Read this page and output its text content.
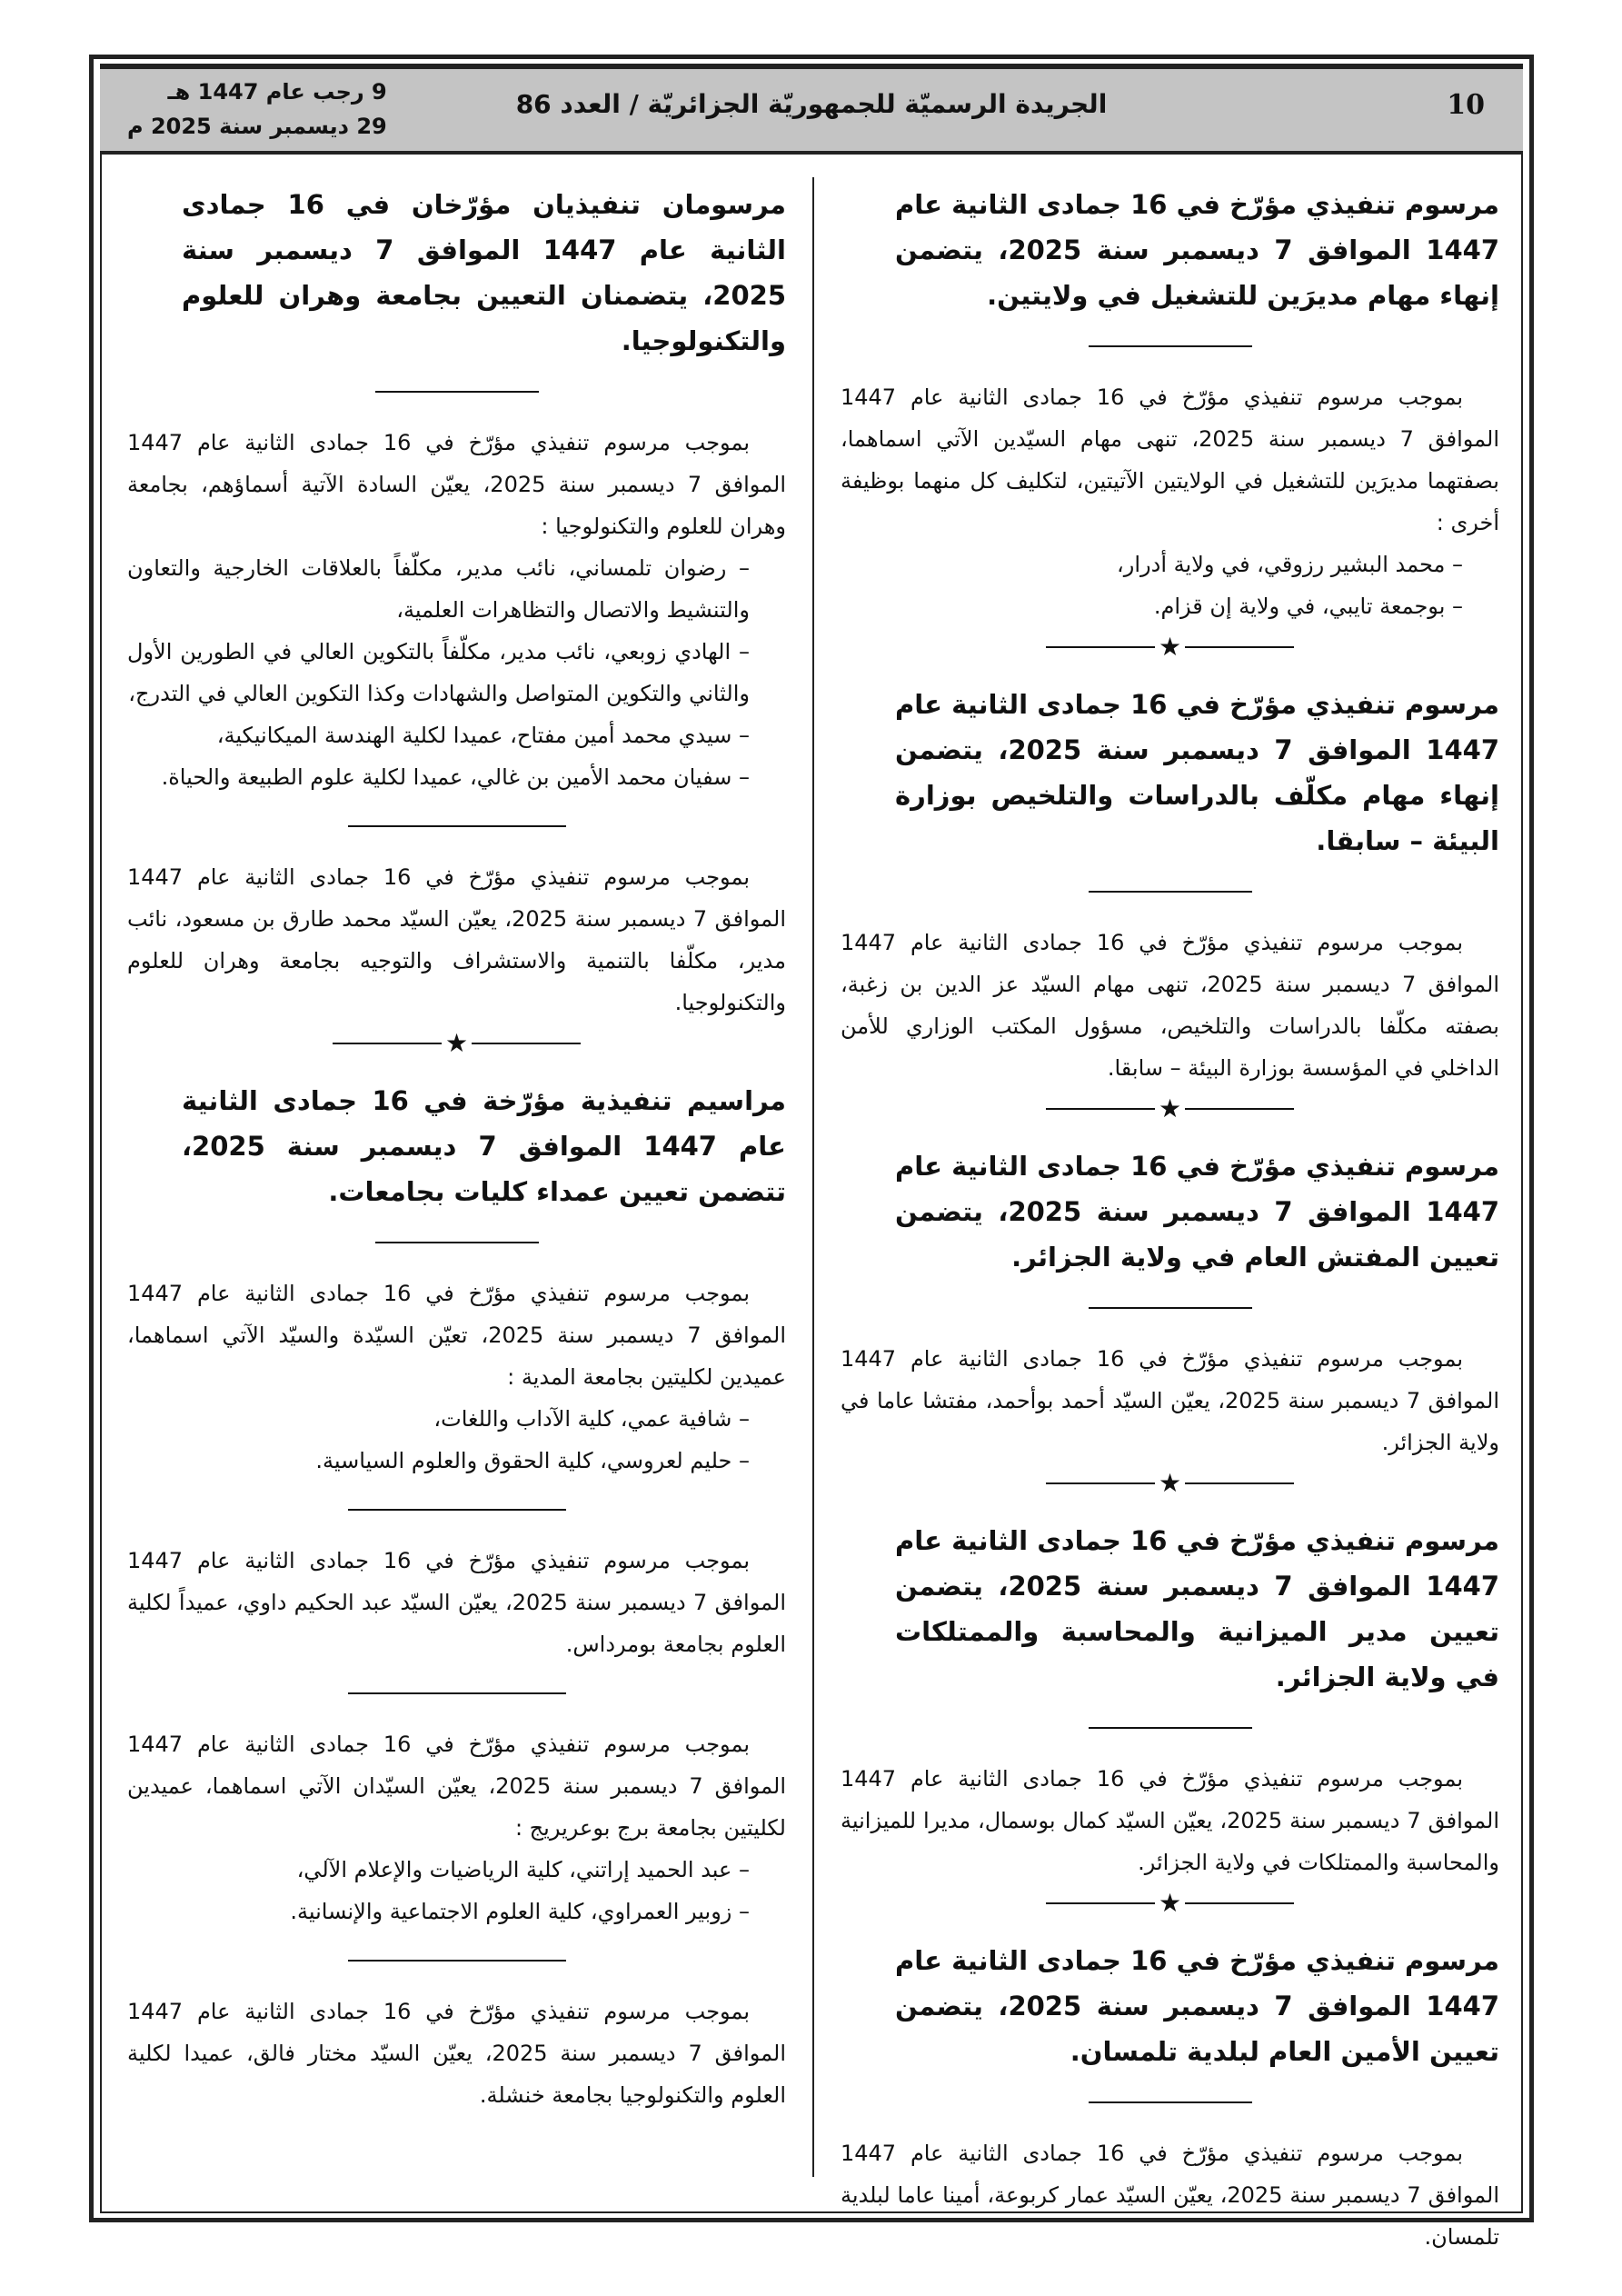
10
الجريدة الرسميّة للجمهوريّة الجزائريّة / العدد 86
9 رجب عام 1447 هـ
29 ديسمبر سنة 2025 م
مرسوم تنفيذي مؤرّخ في 16 جمادى الثانية عام 1447 الموافق 7 ديسمبر سنة 2025، يتضمن إنهاء مهام مديرَين للتشغيل في ولايتين.

بموجب مرسوم تنفيذي مؤرّخ في 16 جمادى الثانية عام 1447 الموافق 7 ديسمبر سنة 2025، تنهى مهام السيّدين الآتي اسماهما، بصفتهما مديرَين للتشغيل في الولايتين الآتيتين، لتكليف كل منهما بوظيفة أخرى :

– محمد البشير رزوقي، في ولاية أدرار،

– بوجمعة تايبي، في ولاية إن قزام.

★
مرسوم تنفيذي مؤرّخ في 16 جمادى الثانية عام 1447 الموافق 7 ديسمبر سنة 2025، يتضمن إنهاء مهام مكلّف بالدراسات والتلخيص بوزارة البيئة – سابقا.

بموجب مرسوم تنفيذي مؤرّخ في 16 جمادى الثانية عام 1447 الموافق 7 ديسمبر سنة 2025، تنهى مهام السيّد عز الدين بن زغبة، بصفته مكلّفا بالدراسات والتلخيص، مسؤول المكتب الوزاري للأمن الداخلي في المؤسسة بوزارة البيئة – سابقا.

★
مرسوم تنفيذي مؤرّخ في 16 جمادى الثانية عام 1447 الموافق 7 ديسمبر سنة 2025، يتضمن تعيين المفتش العام في ولاية الجزائر.

بموجب مرسوم تنفيذي مؤرّخ في 16 جمادى الثانية عام 1447 الموافق 7 ديسمبر سنة 2025، يعيّن السيّد أحمد بوأحمد، مفتشا عاما في ولاية الجزائر.

★
مرسوم تنفيذي مؤرّخ في 16 جمادى الثانية عام 1447 الموافق 7 ديسمبر سنة 2025، يتضمن تعيين مدير الميزانية والمحاسبة والممتلكات في ولاية الجزائر.

بموجب مرسوم تنفيذي مؤرّخ في 16 جمادى الثانية عام 1447 الموافق 7 ديسمبر سنة 2025، يعيّن السيّد كمال بوسمال، مديرا للميزانية والمحاسبة والممتلكات في ولاية الجزائر.

★
مرسوم تنفيذي مؤرّخ في 16 جمادى الثانية عام 1447 الموافق 7 ديسمبر سنة 2025، يتضمن تعيين الأمين العام لبلدية تلمسان.

بموجب مرسوم تنفيذي مؤرّخ في 16 جمادى الثانية عام 1447 الموافق 7 ديسمبر سنة 2025، يعيّن السيّد عمار كربوعة، أمينا عاما لبلدية تلمسان.

مرسومان تنفيذيان مؤرّخان في 16 جمادى الثانية عام 1447 الموافق 7 ديسمبر سنة 2025، يتضمنان التعيين بجامعة وهران للعلوم والتكنولوجيا.

بموجب مرسوم تنفيذي مؤرّخ في 16 جمادى الثانية عام 1447 الموافق 7 ديسمبر سنة 2025، يعيّن السادة الآتية أسماؤهم، بجامعة وهران للعلوم والتكنولوجيا :

– رضوان تلمساني، نائب مدير، مكلّفاً بالعلاقات الخارجية والتعاون والتنشيط والاتصال والتظاهرات العلمية،

– الهادي زوبعي، نائب مدير، مكلّفاً بالتكوين العالي في الطورين الأول والثاني والتكوين المتواصل والشهادات وكذا التكوين العالي في التدرج،

– سيدي محمد أمين مفتاح، عميدا لكلية الهندسة الميكانيكية،

– سفيان محمد الأمين بن غالي، عميدا لكلية علوم الطبيعة والحياة.

بموجب مرسوم تنفيذي مؤرّخ في 16 جمادى الثانية عام 1447 الموافق 7 ديسمبر سنة 2025، يعيّن السيّد محمد طارق بن مسعود، نائب مدير، مكلّفا بالتنمية والاستشراف والتوجيه بجامعة وهران للعلوم والتكنولوجيا.

★
مراسيم تنفيذية مؤرّخة في 16 جمادى الثانية عام 1447 الموافق 7 ديسمبر سنة 2025، تتضمن تعيين عمداء كليات بجامعات.

بموجب مرسوم تنفيذي مؤرّخ في 16 جمادى الثانية عام 1447 الموافق 7 ديسمبر سنة 2025، تعيّن السيّدة والسيّد الآتي اسماهما، عميدين لكليتين بجامعة المدية :

– شافية عمي، كلية الآداب واللغات،

– حليم لعروسي، كلية الحقوق والعلوم السياسية.

بموجب مرسوم تنفيذي مؤرّخ في 16 جمادى الثانية عام 1447 الموافق 7 ديسمبر سنة 2025، يعيّن السيّد عبد الحكيم داوي، عميداً لكلية العلوم بجامعة بومرداس.

بموجب مرسوم تنفيذي مؤرّخ في 16 جمادى الثانية عام 1447 الموافق 7 ديسمبر سنة 2025، يعيّن السيّدان الآتي اسماهما، عميدين لكليتين بجامعة برج بوعريريج :

– عبد الحميد إراتني، كلية الرياضيات والإعلام الآلي،

– زوبير العمراوي، كلية العلوم الاجتماعية والإنسانية.

بموجب مرسوم تنفيذي مؤرّخ في 16 جمادى الثانية عام 1447 الموافق 7 ديسمبر سنة 2025، يعيّن السيّد مختار فالق، عميدا لكلية العلوم والتكنولوجيا بجامعة خنشلة.
